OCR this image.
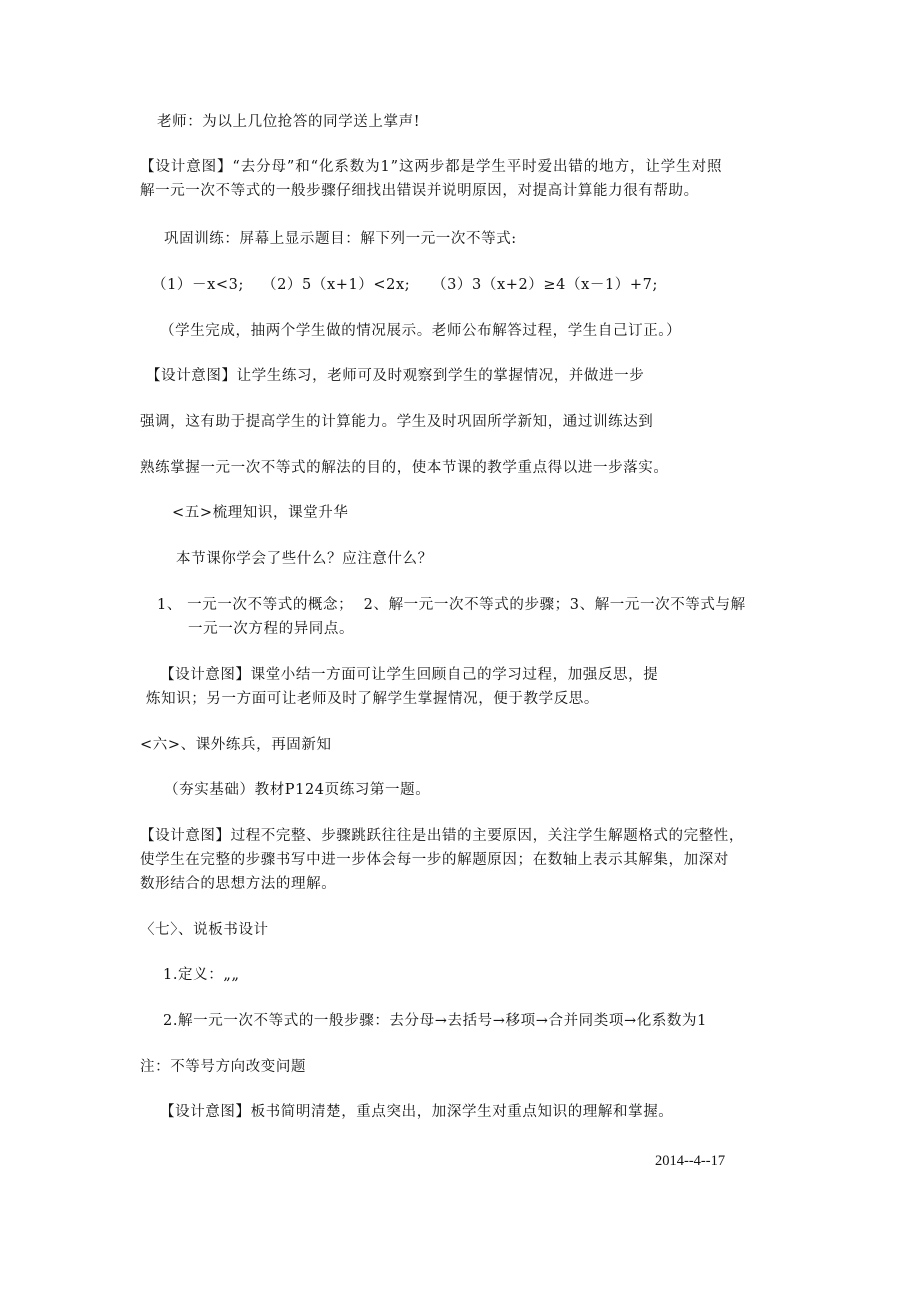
老师：为以上几位抢答的同学送上掌声!
【设计意图】“去分母”和“化系数为1”这两步都是学生平时爱出错的地方，让学生对照
解一元一次不等式的一般步骤仔细找出错误并说明原因，对提高计算能力很有帮助。
巩固训练：屏幕上显示题目：解下列一元一次不等式:
（1）－x<3; （2）5（x+1）<2x; （3）3（x+2）≥4（x－1）+7;
（学生完成，抽两个学生做的情况展示。老师公布解答过程，学生自己订正。）
【设计意图】让学生练习，老师可及时观察到学生的掌握情况，并做进一步
强调，这有助于提高学生的计算能力。学生及时巩固所学新知，通过训练达到
熟练掌握一元一次不等式的解法的目的，使本节课的教学重点得以进一步落实。
<五>梳理知识，课堂升华
本节课你学会了些什么？应注意什么？
1、 一元一次不等式的概念；  2、解一元一次不等式的步骤；3、解一元一次不等式与解
一元一次方程的异同点。
【设计意图】课堂小结一方面可让学生回顾自己的学习过程，加强反思，提
炼知识；另一方面可让老师及时了解学生掌握情况，便于教学反思。
<六>、课外练兵，再固新知
（夯实基础）教材P124页练习第一题。
【设计意图】过程不完整、步骤跳跃往往是出错的主要原因，关注学生解题格式的完整性，
使学生在完整的步骤书写中进一步体会每一步的解题原因；在数轴上表示其解集，加深对
数形结合的思想方法的理解。
〈七〉、说板书设计
1.定义：„„
2.解一元一次不等式的一般步骤：去分母→去括号→移项→合并同类项→化系数为1
注：不等号方向改变问题
【设计意图】板书简明清楚，重点突出，加深学生对重点知识的理解和掌握。
2014--4--17
